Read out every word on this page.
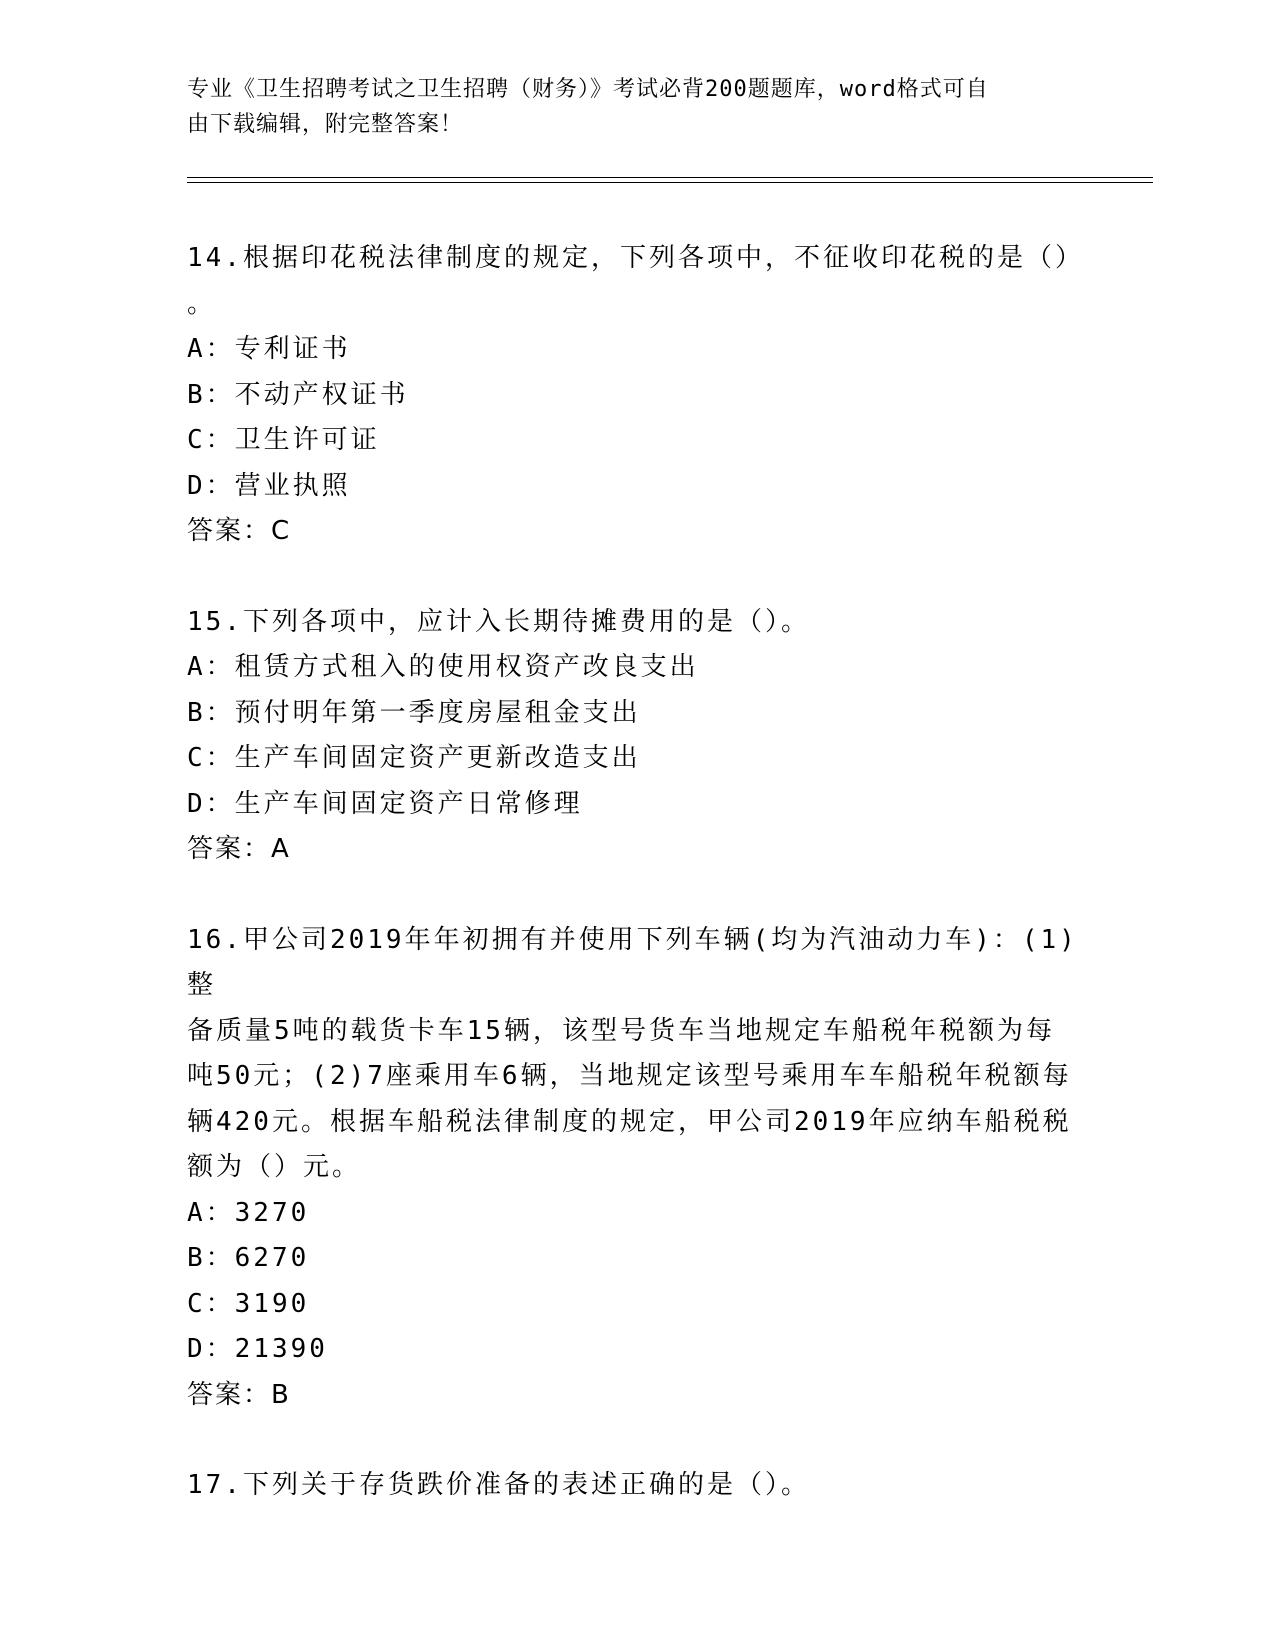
专业《卫生招聘考试之卫生招聘（财务）》考试必背200题题库，word格式可自
由下载编辑，附完整答案！
14.根据印花税法律制度的规定，下列各项中，不征收印花税的是（）
。
A：专利证书
B：不动产权证书
C：卫生许可证
D：营业执照
答案：C
15.下列各项中，应计入长期待摊费用的是（）。
A：租赁方式租入的使用权资产改良支出
B：预付明年第一季度房屋租金支出
C：生产车间固定资产更新改造支出
D：生产车间固定资产日常修理
答案：A
16.甲公司2019年年初拥有并使用下列车辆(均为汽油动力车)：(1)整
备质量5吨的载货卡车15辆，该型号货车当地规定车船税年税额为每
吨50元；(2)7座乘用车6辆，当地规定该型号乘用车车船税年税额每
辆420元。根据车船税法律制度的规定，甲公司2019年应纳车船税税
额为（）元。
A：3270
B：6270
C：3190
D：21390
答案：B
17.下列关于存货跌价准备的表述正确的是（）。
